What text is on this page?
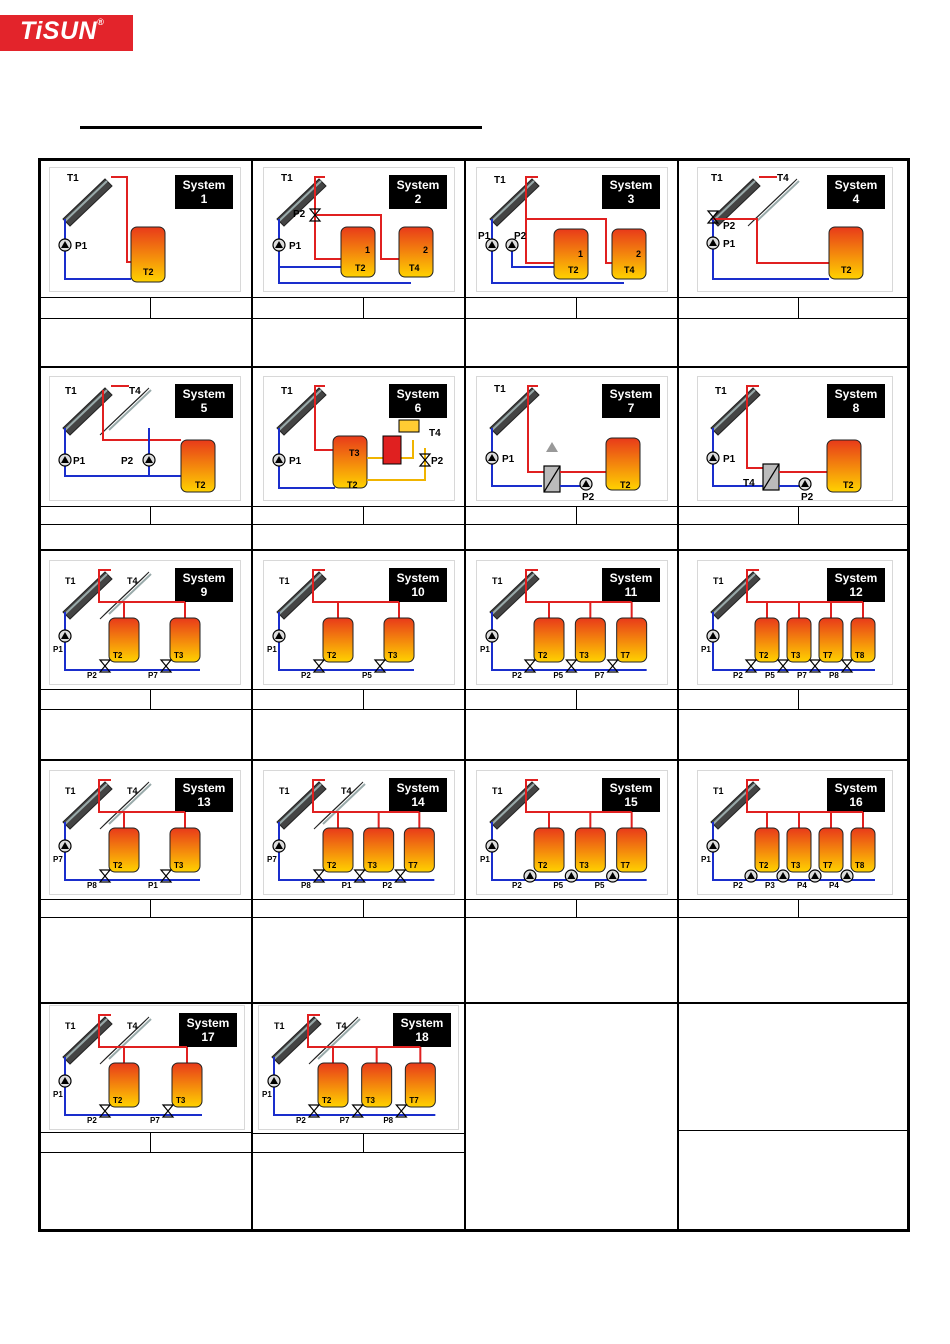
TiSUN®
System
1
T1
P1
T2
System
2
T1
P1
P2
1	2
T2	T4
System
3
T1
P1 P2
1	2
T2	T4
System
4
T1	T4
P2
P1
T2
System
5
T1	T4
P1	P2
T2
System
6
T1
P1
T3
T2
T4
P2
System
7
T1
P1
P2
T2
System
8
T1
P1
T4
P2
T2
System
9
T1	T4
T2
P2
T3
P7
P1
System
10
T1
T2
P2
T3
P5
P1
System
11
T1
T2
P2
T3
P5
T7
P7
P1
System
12
T1
T2
P2
T3
P5
T7
P7
T8
P8
P1
System
13
T1	T4
T2
P8
T3
P1
P7
System
14
T1	T4
T2
P8
T3
P1
T7
P2
P7
System
15
T1
T2
P2
T3
P5
T7
P5
P1
System
16
T1
T2
P2
T3
P3
T7
P4
T8
P4
P1
System
17
T1	T4
T2
P2
T3
P7
P1
System
18
T1	T4
T2
P2
T3
P7
T7
P8
P1
